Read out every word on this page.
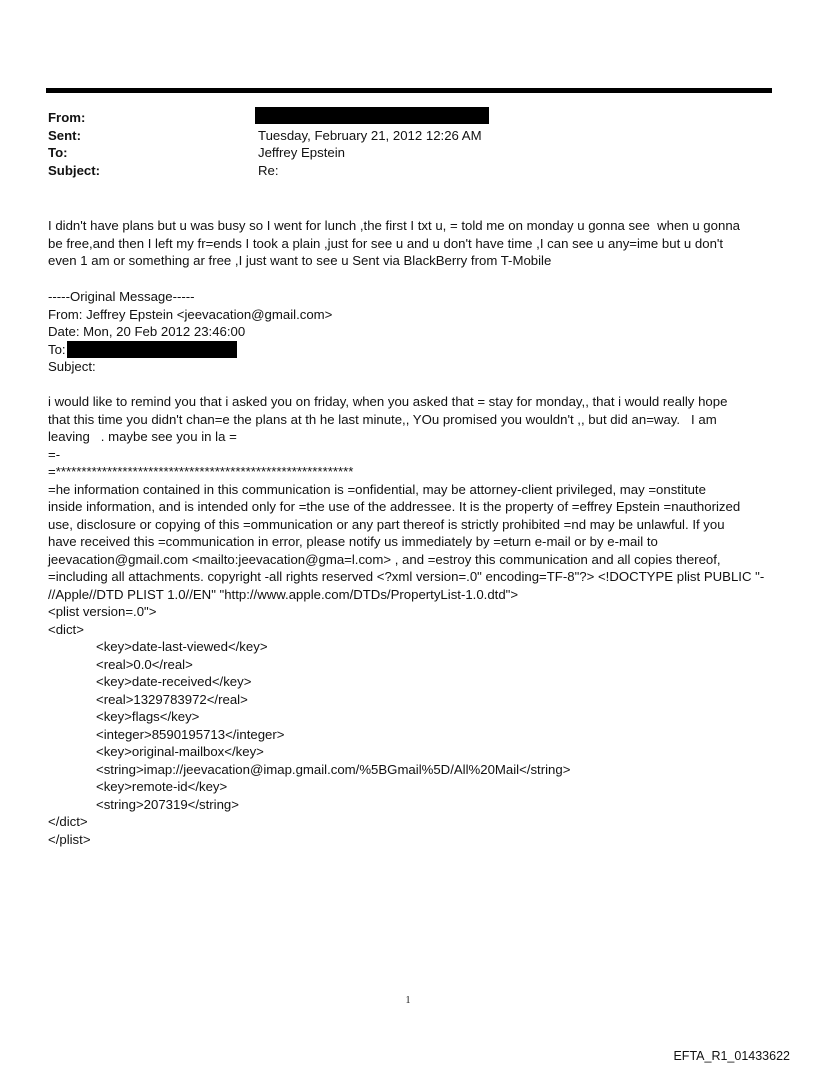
From:
Sent:	Tuesday, February 21, 2012 12:26 AM
To:	Jeffrey Epstein
Subject:	Re:
I didn't have plans but u was busy so I went for lunch ,the first I txt u, = told me on monday u gonna see  when u gonna
be free,and then I left my fr=ends I took a plain ,just for see u and u don't have time ,I can see u any=ime but u don't
even 1 am or something ar free ,I just want to see u Sent via BlackBerry from T-Mobile
-----Original Message-----
From: Jeffrey Epstein <jeevacation@gmail.com>
Date: Mon, 20 Feb 2012 23:46:00
To:
Subject:
i would like to remind you that i asked you on friday, when you asked that = stay for monday,, that i would really hope
that this time you didn't chan=e the plans at th he last minute,, YOu promised you wouldn't ,, but did an=way.   I am
leaving   . maybe see you in la =
=-
=**********************************************************
=he information contained in this communication is =onfidential, may be attorney-client privileged, may =onstitute
inside information, and is intended only for =the use of the addressee. It is the property of =effrey Epstein =nauthorized
use, disclosure or copying of this =ommunication or any part thereof is strictly prohibited =nd may be unlawful. If you
have received this =communication in error, please notify us immediately by =eturn e-mail or by e-mail to
jeevacation@gmail.com <mailto:jeevacation@gma=l.com> , and =estroy this communication and all copies thereof,
=including all attachments. copyright -all rights reserved <?xml version=.0" encoding=TF-8"?> <!DOCTYPE plist PUBLIC "-
//Apple//DTD PLIST 1.0//EN" "http://www.apple.com/DTDs/PropertyList-1.0.dtd">
<plist version=.0">
<dict>
<key>date-last-viewed</key>
<real>0.0</real>
<key>date-received</key>
<real>1329783972</real>
<key>flags</key>
<integer>8590195713</integer>
<key>original-mailbox</key>
<string>imap://jeevacation@imap.gmail.com/%5BGmail%5D/All%20Mail</string>
<key>remote-id</key>
<string>207319</string>
</dict>
</plist>
1
EFTA_R1_01433622
